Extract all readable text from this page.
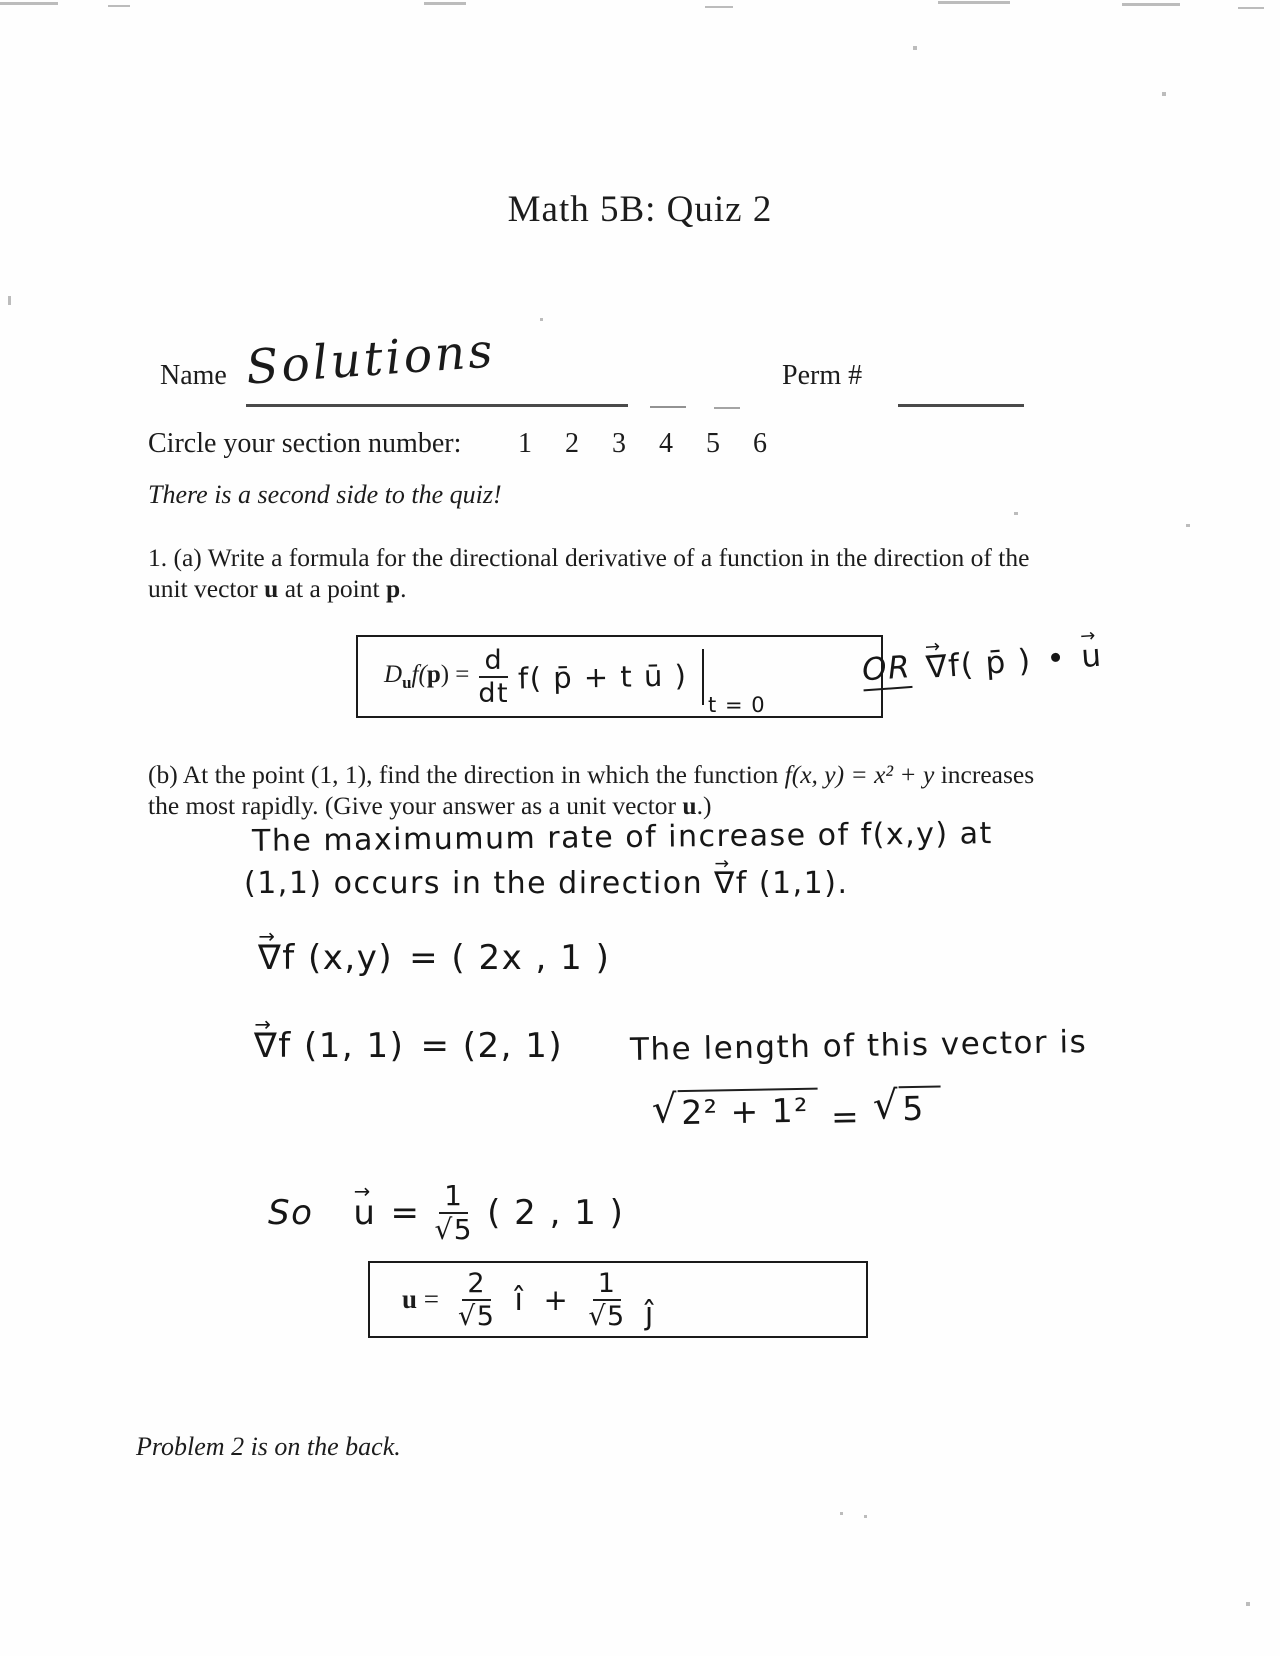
Math 5B: Quiz 2
Name Solutions	Perm #
Circle your section number: 1 2 3 4 5 6
There is a second side to the quiz!
1. (a) Write a formula for the directional derivative of a function in the direction of the
unit vector u at a point p.
$D_uf(p) = \frac{d}{dt} f$( p̄ + t ū )
t = 0
OR → ∇f( p̄ ) • → u
(b) At the point (1, 1), find the direction in which the function f(x, y) = x² + y increases
the most rapidly. (Give your answer as a unit vector u.)
The maximumum rate of increase of f(x,y) at
(1,1) occurs in the direction → ∇f (1,1).
→ ∇f (x,y) = ( 2x , 1 )
→ ∇f (1, 1) = (2, 1) The length of this vector is
√ 2² + 1² = √ 5
$So \to u = \frac{1}{√5}$ ( 2 , 1 )
$u = \frac{2}{√5}$ î + $\frac{1}{√5}$ ĵ
Problem 2 is on the back.
